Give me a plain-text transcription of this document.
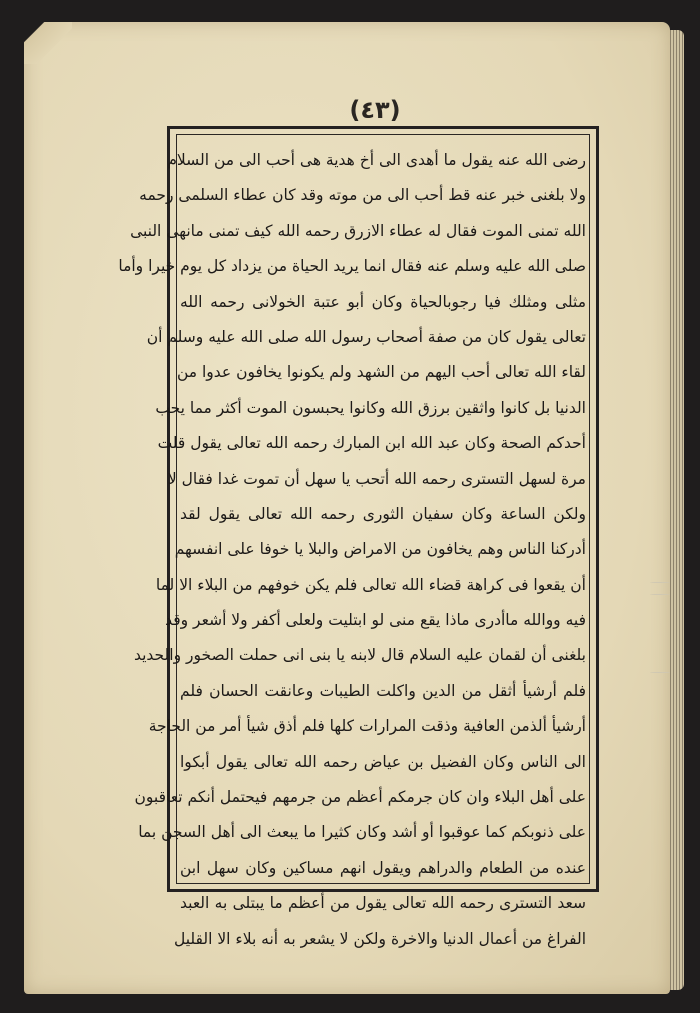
(٤٣)
رضى الله عنه يقول ما أهدى الى أخ هدية هى أحب الى من السلام
ولا بلغنى خبر عنه قط أحب الى من موته وقد كان عطاء السلمى رحمه
الله تمنى الموت فقال له عطاء الازرق رحمه الله كيف تمنى مانهى النبى
صلى الله عليه وسلم عنه فقال انما يريد الحياة من يزداد كل يوم خيرا وأما
مثلى ومثلك فيا رجوبالحياة وكان أبو عتبة الخولانى رحمه الله
تعالى يقول كان من صفة أصحاب رسول الله صلى الله عليه وسلم أن
لقاء الله تعالى أحب اليهم من الشهد ولم يكونوا يخافون عدوا من
الدنيا بل كانوا واثقين برزق الله وكانوا يحبسون الموت أكثر مما يحب
أحدكم الصحة وكان عبد الله ابن المبارك رحمه الله تعالى يقول قلت
مرة لسهل التسترى رحمه الله أتحب يا سهل أن تموت غدا فقال لا
ولكن الساعة وكان سفيان الثورى رحمه الله تعالى يقول لقد
أدركنا الناس وهم يخافون من الامراض والبلا يا خوفا على انفسهم
أن يقعوا فى كراهة قضاء الله تعالى فلم يكن خوفهم من البلاء الا لما
فيه ووالله ماأدرى ماذا يقع منى لو ابتليت ولعلى أكفر ولا أشعر وقد
بلغنى أن لقمان عليه السلام قال لابنه يا بنى انى حملت الصخور والحديد
فلم أرشيأ أثقل من الدين واكلت الطيبات وعانقت الحسان فلم
أرشيأ ألذمن العافية وذقت المرارات كلها فلم أذق شيأ أمر من الحاجة
الى الناس وكان الفضيل بن عياض رحمه الله تعالى يقول أبكوا
على أهل البلاء وان كان جرمكم أعظم من جرمهم فيحتمل أنكم تعاقبون
على ذنوبكم كما عوقبوا أو أشد وكان كثيرا ما يبعث الى أهل السجن بما
عنده من الطعام والدراهم ويقول انهم مساكين وكان سهل ابن
سعد التسترى رحمه الله تعالى يقول من أعظم ما يبتلى به العبد
الفراغ من أعمال الدنيا والاخرة ولكن لا يشعر به أنه بلاء الا القليل
